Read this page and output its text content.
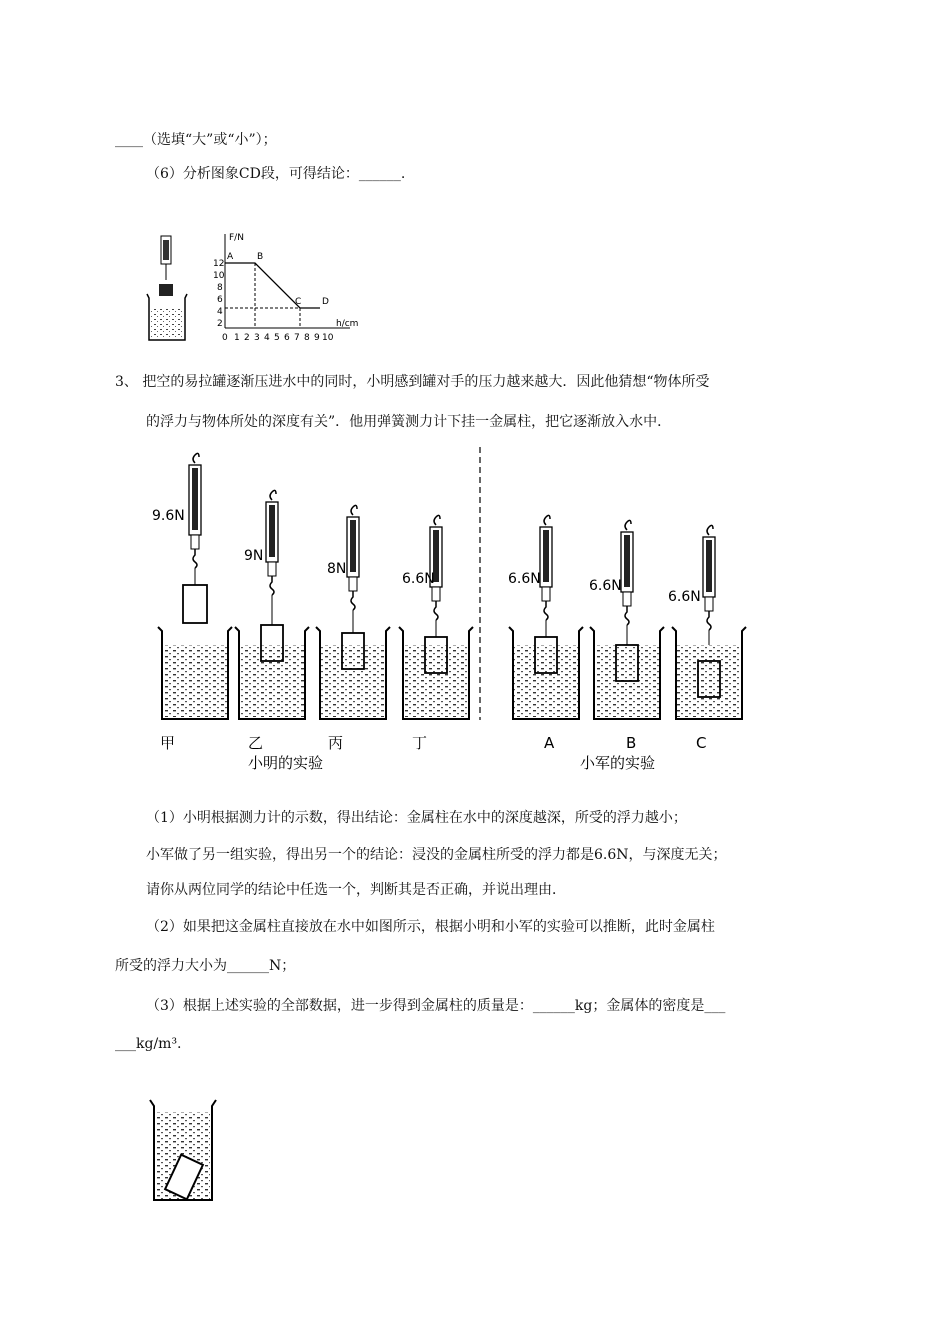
____（选填“大”或“小”）；
（6）分析图象CD段，可得结论：______.
F/N
h/cm
12
10
8
6
4
2
0 1 2 3 4 5 6 7 8 9 10
A	B
C D
3、 把空的易拉罐逐渐压进水中的同时，小明感到罐对手的压力越来越大．因此他猜想“物体所受
的浮力与物体所处的深度有关”．他用弹簧测力计下挂一金属柱，把它逐渐放入水中．
9.6N
9N
8N
6.6N	6.6N	6.6N
6.6N
甲	乙	丙	丁	A	B	C
小明的实验	小军的实验
（1）小明根据测力计的示数，得出结论：金属柱在水中的深度越深，所受的浮力越小；
小军做了另一组实验，得出另一个的结论：浸没的金属柱所受的浮力都是6.6N，与深度无关；
请你从两位同学的结论中任选一个，判断其是否正确，并说出理由．
（2）如果把这金属柱直接放在水中如图所示，根据小明和小军的实验可以推断，此时金属柱
所受的浮力大小为______N；
（3）根据上述实验的全部数据，进一步得到金属柱的质量是：______kg；金属体的密度是___
___kg/m³.
